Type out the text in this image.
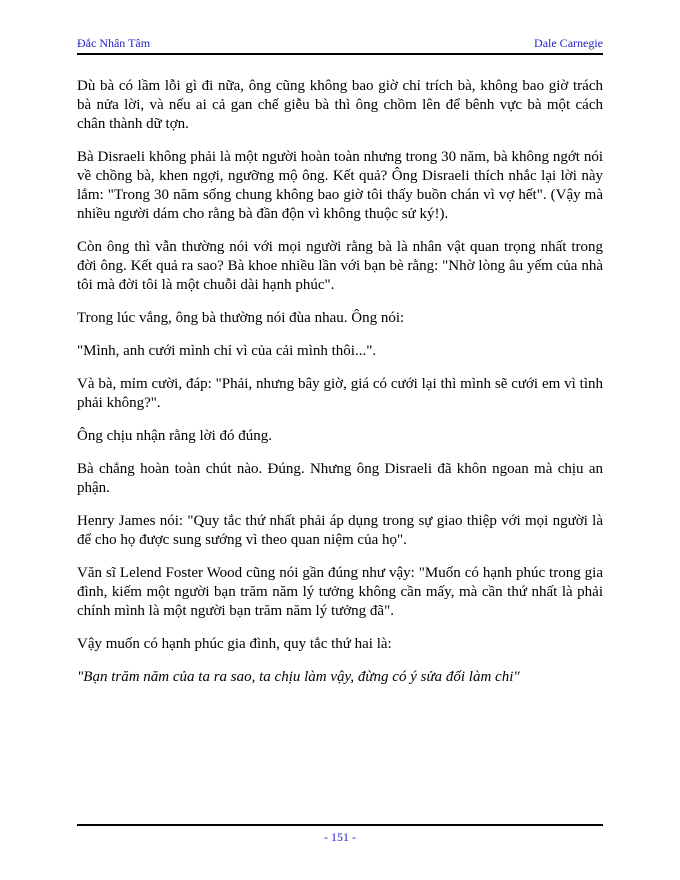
Đắc Nhân Tâm	Dale Carnegie

Dù bà có lầm lỗi gì đi nữa, ông cũng không bao giờ chỉ trích bà, không bao giờ trách bà nửa lời, và nếu ai cả gan chế giễu bà thì ông chồm lên để bênh vực bà một cách chân thành dữ tợn.

Bà Disraeli không phải là một người hoàn toàn nhưng trong 30 năm, bà không ngớt nói về chồng bà, khen ngợi, ngưỡng mộ ông. Kết quả? Ông Disraeli thích nhắc lại lời này lắm: "Trong 30 năm sống chung không bao giờ tôi thấy buồn chán vì vợ hết". (Vậy mà nhiều người dám cho rằng bà đần độn vì không thuộc sử ký!).

Còn ông thì vẫn thường nói với mọi người rằng bà là nhân vật quan trọng nhất trong đời ông. Kết quả ra sao? Bà khoe nhiều lần với bạn bè rằng: "Nhờ lòng âu yếm của nhà tôi mà đời tôi là một chuỗi dài hạnh phúc".

Trong lúc vắng, ông bà thường nói đùa nhau. Ông nói:

"Mình, anh cưới mình chỉ vì của cải mình thôi...".

Và bà, mỉm cười, đáp: "Phải, nhưng bây giờ, giá có cưới lại thì mình sẽ cưới em vì tình phải không?".

Ông chịu nhận rằng lời đó đúng.

Bà chẳng hoàn toàn chút nào. Đúng. Nhưng ông Disraeli đã khôn ngoan mà chịu an phận.

Henry James nói: "Quy tắc thứ nhất phải áp dụng trong sự giao thiệp với mọi người là để cho họ được sung sướng vì theo quan niệm của họ".

Văn sĩ Lelend Foster Wood cũng nói gần đúng như vậy: "Muốn có hạnh phúc trong gia đình, kiếm một người bạn trăm năm lý tưởng không cần mấy, mà cần thứ nhất là phải chính mình là một người bạn trăm năm lý tưởng đã".

Vậy muốn có hạnh phúc gia đình, quy tắc thứ hai là:

"Bạn trăm năm của ta ra sao, ta chịu làm vậy, đừng có ý sửa đổi làm chi"

- 151 -
